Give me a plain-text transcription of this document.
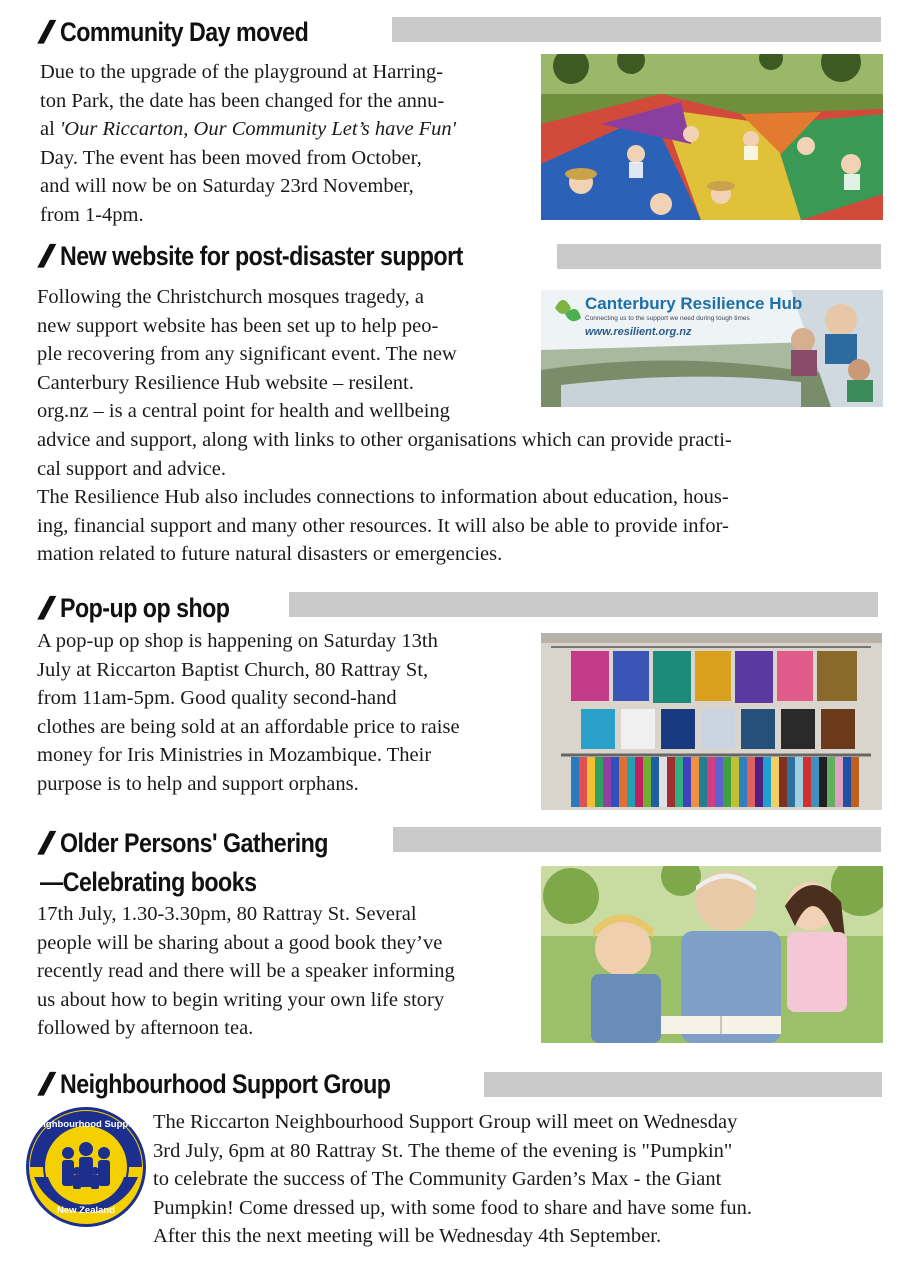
// Community Day moved

Due to the upgrade of the playground at Harring-

ton Park, the date has been changed for the annu-

al 'Our Riccarton, Our Community Let’s have Fun'

Day. The event has been moved from October,

and will now be on Saturday 23rd November,

from 1-4pm.

// New website for post-disaster support

Following the Christchurch mosques tragedy, a

new support website has been set up to help peo-

ple recovering from any significant event. The new

Canterbury Resilience Hub website – resilent.

org.nz – is a central point for health and wellbeing

advice and support, along with links to other organisations which can provide practi-

cal support and advice.

The Resilience Hub also includes connections to information about education, hous-

ing, financial support and many other resources. It will also be able to provide infor-

mation related to future natural disasters or emergencies.

Canterbury Resilience Hub
Connecting us to the support we need during tough times
www.resilient.org.nz
// Pop-up op shop

A pop-up op shop is happening on Saturday 13th

July at Riccarton Baptist Church, 80 Rattray St,

from 11am-5pm. Good quality second-hand

clothes are being sold at an affordable price to raise

money for Iris Ministries in Mozambique. Their

purpose is to help and support orphans.

// Older Persons' Gathering
—Celebrating books

17th July, 1.30-3.30pm, 80 Rattray St. Several

people will be sharing about a good book they’ve

recently read and there will be a speaker informing

us about how to begin writing your own life story

followed by afternoon tea.

// Neighbourhood Support Group
Neighbourhood Support
New Zealand

The Riccarton Neighbourhood Support Group will meet on Wednesday

3rd July, 6pm at 80 Rattray St. The theme of the evening is "Pumpkin"

to celebrate the success of The Community Garden’s Max - the Giant

Pumpkin! Come dressed up, with some food to share and have some fun.

After this the next meeting will be Wednesday 4th September.
